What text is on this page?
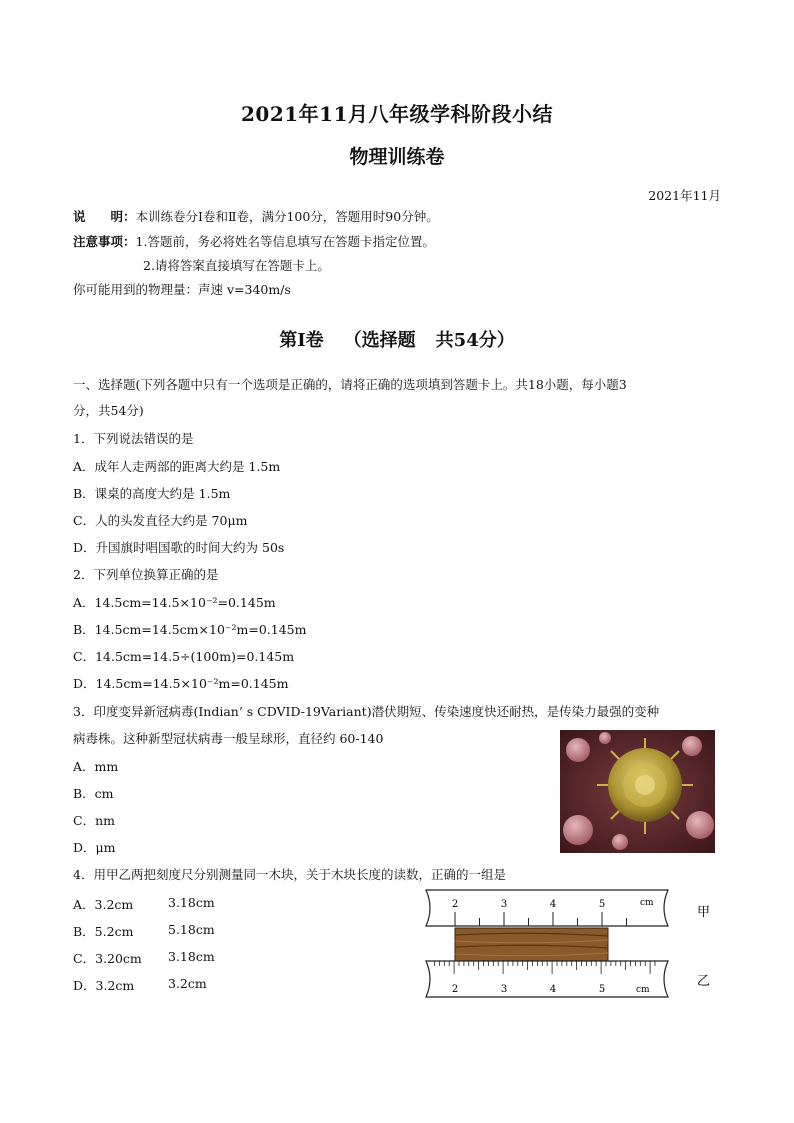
2021年11月八年级学科阶段小结
物理训练卷
2021年11月
说　　明：本训练卷分Ⅰ卷和Ⅱ卷，满分100分，答题用时90分钟。
注意事项：1.答题前，务必将姓名等信息填写在答题卡指定位置。
2.请将答案直接填写在答题卡上。
你可能用到的物理量：声速 v=340m/s
第Ⅰ卷 （选择题 共54分）
一、选择题(下列各题中只有一个选项是正确的，请将正确的选项填到答题卡上。共18小题，每小题3
分，共54分)
1．下列说法错误的是
A．成年人走两部的距离大约是 1.5m
B．课桌的高度大约是 1.5m
C．人的头发直径大约是 70μm
D．升国旗时唱国歌的时间大约为 50s
2．下列单位换算正确的是
A．14.5cm=14.5×10⁻²=0.145m
B．14.5cm=14.5cm×10⁻²m=0.145m
C．14.5cm=14.5÷(100m)=0.145m
D．14.5cm=14.5×10⁻²m=0.145m
3．印度变异新冠病毒(Indian’ s CDVID-19Variant)潜伏期短、传染速度快还耐热，是传染力最强的变种
病毒株。这种新型冠状病毒一般呈球形，直径约 60-140
A．mm
B．cm
C．nm
D．μm
4．用甲乙两把刻度尺分别测量同一木块，关于木块长度的读数，正确的一组是
A．3.2cm	3.18cm
B．5.2cm	5.18cm
C．3.20cm 3.18cm
D．3.2cm	3.2cm
2	3	4	5	cm
甲
2	3	4	5	cm
乙
